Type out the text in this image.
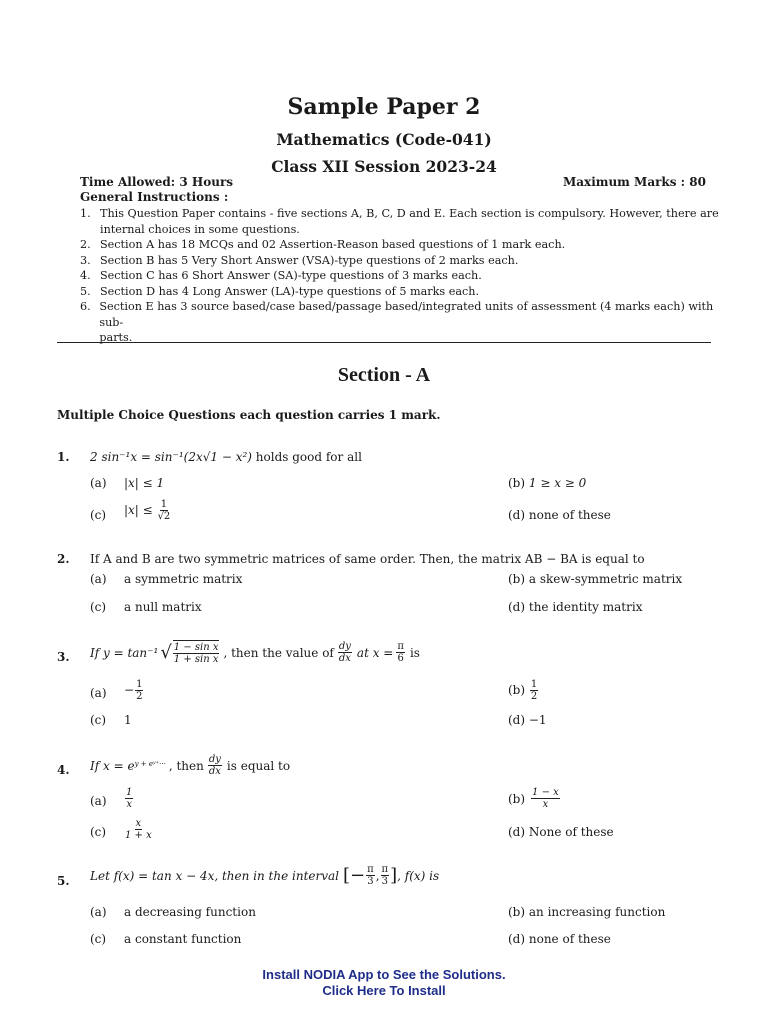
Sample Paper 2
Mathematics (Code-041)
Class XII Session 2023-24
Time Allowed: 3 Hours	Maximum Marks : 80
General Instructions :
1. This Question Paper contains - five sections A, B, C, D and E. Each section is compulsory. However, there are
internal choices in some questions.
2. Section A has 18 MCQs and 02 Assertion-Reason based questions of 1 mark each.
3. Section B has 5 Very Short Answer (VSA)-type questions of 2 marks each.
4. Section C has 6 Short Answer (SA)-type questions of 3 marks each.
5. Section D has 4 Long Answer (LA)-type questions of 5 marks each.
6. Section E has 3 source based/case based/passage based/integrated units of assessment (4 marks each) with sub-
parts.
Section - A
Multiple Choice Questions each question carries 1 mark.
1. 2 sin⁻¹x = sin⁻¹(2x√1 − x²) holds good for all
(a) |x| ≤ 1	(b) 1 ≥ x ≥ 0
(c) $|x| \le \frac{1}{√2}$	(d) none of these
2. If A and B are two symmetric matrices of same order. Then, the matrix AB − BA is equal to
(a) a symmetric matrix	(b) a skew-symmetric matrix
(c) a null matrix	(d) the identity matrix
3. If y = tan⁻¹ √ $\frac{\text{1 − sin x}}{\text{1 + sin x}}$ , then the value of $\frac{dy}{dx}$ at $x = \frac{\pi}{6}$ is
$(a) - \frac{1}{2}$	$(b) \frac{1}{2}$
(c) 1	(d) −1
4. If x = e y + eʸ⁺··· , then $\frac{dy}{dx}$ is equal to
$(a) \frac{1}{x}$	$(b) \frac{1 - x}{x}$
$(c) \frac{x}{1 + x}$	(d) None of these
5. Let f(x) = tan x − 4x, then in the interval [− $\frac{\pi}{3}$ , $\frac{\pi}{3}$ ] , f(x) is
(a) a decreasing function	(b) an increasing function
(c) a constant function	(d) none of these
Install NODIA App to See the Solutions.
Click Here To Install
